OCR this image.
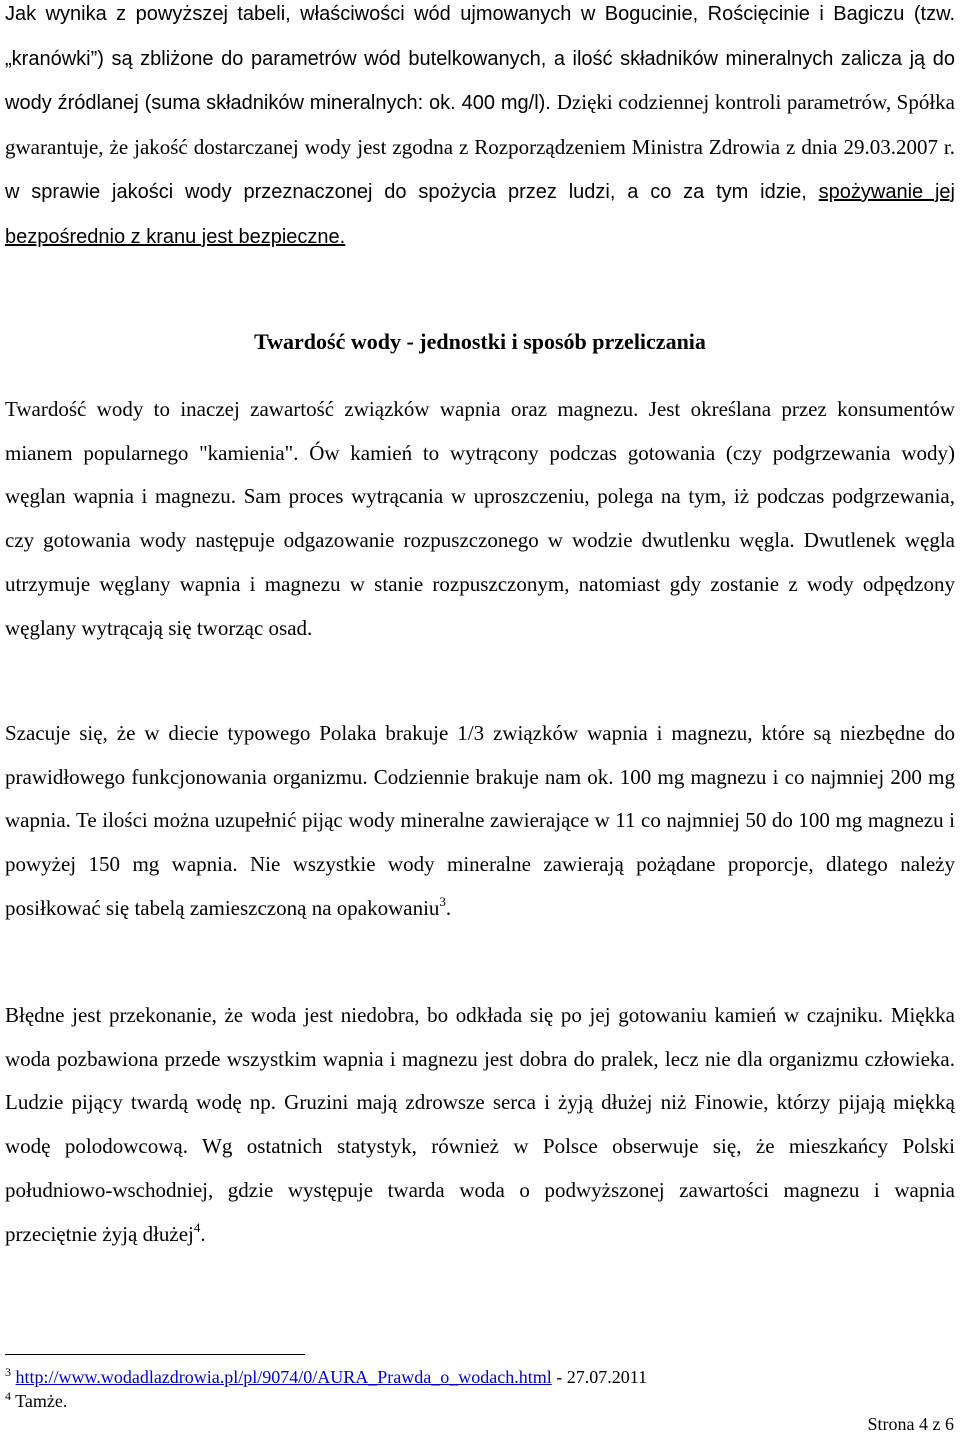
Jak wynika z powyższej tabeli, właściwości wód ujmowanych w Bogucinie, Rościęcinie i Bagiczu (tzw. „kranówki”) są zbliżone do parametrów wód butelkowanych, a ilość składników mineralnych zalicza ją do wody źródlanej (suma składników mineralnych: ok. 400 mg/l). Dzięki codziennej kontroli parametrów, Spółka gwarantuje, że jakość dostarczanej wody jest zgodna z Rozporządzeniem Ministra Zdrowia z dnia 29.03.2007 r. w sprawie jakości wody przeznaczonej do spożycia przez ludzi, a co za tym idzie, spożywanie jej bezpośrednio z kranu jest bezpieczne.
Twardość wody - jednostki i sposób przeliczania
Twardość wody to inaczej zawartość związków wapnia oraz magnezu. Jest określana przez konsumentów mianem popularnego "kamienia". Ów kamień to wytrącony podczas gotowania (czy podgrzewania wody) węglan wapnia i magnezu. Sam proces wytrącania w uproszczeniu, polega na tym, iż podczas podgrzewania, czy gotowania wody następuje odgazowanie rozpuszczonego w wodzie dwutlenku węgla. Dwutlenek węgla utrzymuje węglany wapnia i magnezu w stanie rozpuszczonym, natomiast gdy zostanie z wody odpędzony węglany wytrącają się tworząc osad.
Szacuje się, że w diecie typowego Polaka brakuje 1/3 związków wapnia i magnezu, które są niezbędne do prawidłowego funkcjonowania organizmu. Codziennie brakuje nam ok. 100 mg magnezu i co najmniej 200 mg wapnia. Te ilości można uzupełnić pijąc wody mineralne zawierające w 11 co najmniej 50 do 100 mg magnezu i powyżej 150 mg wapnia. Nie wszystkie wody mineralne zawierają pożądane proporcje, dlatego należy posiłkować się tabelą zamieszczoną na opakowaniu$^3$.
Błędne jest przekonanie, że woda jest niedobra, bo odkłada się po jej gotowaniu kamień w czajniku. Miękka woda pozbawiona przede wszystkim wapnia i magnezu jest dobra do pralek, lecz nie dla organizmu człowieka. Ludzie pijący twardą wodę np. Gruzini mają zdrowsze serca i żyją dłużej niż Finowie, którzy pijają miękką wodę polodowcową. Wg ostatnich statystyk, również w Polsce obserwuje się, że mieszkańcy Polski południowo-wschodniej, gdzie występuje twarda woda o podwyższonej zawartości magnezu i wapnia przeciętnie żyją dłużej$^4$.
$^3$ http://www.wodadlazdrowia.pl/pl/9074/0/AURA_Prawda_o_wodach.html - 27.07.2011
$^4$ Tamże.
Strona 4 z 6
